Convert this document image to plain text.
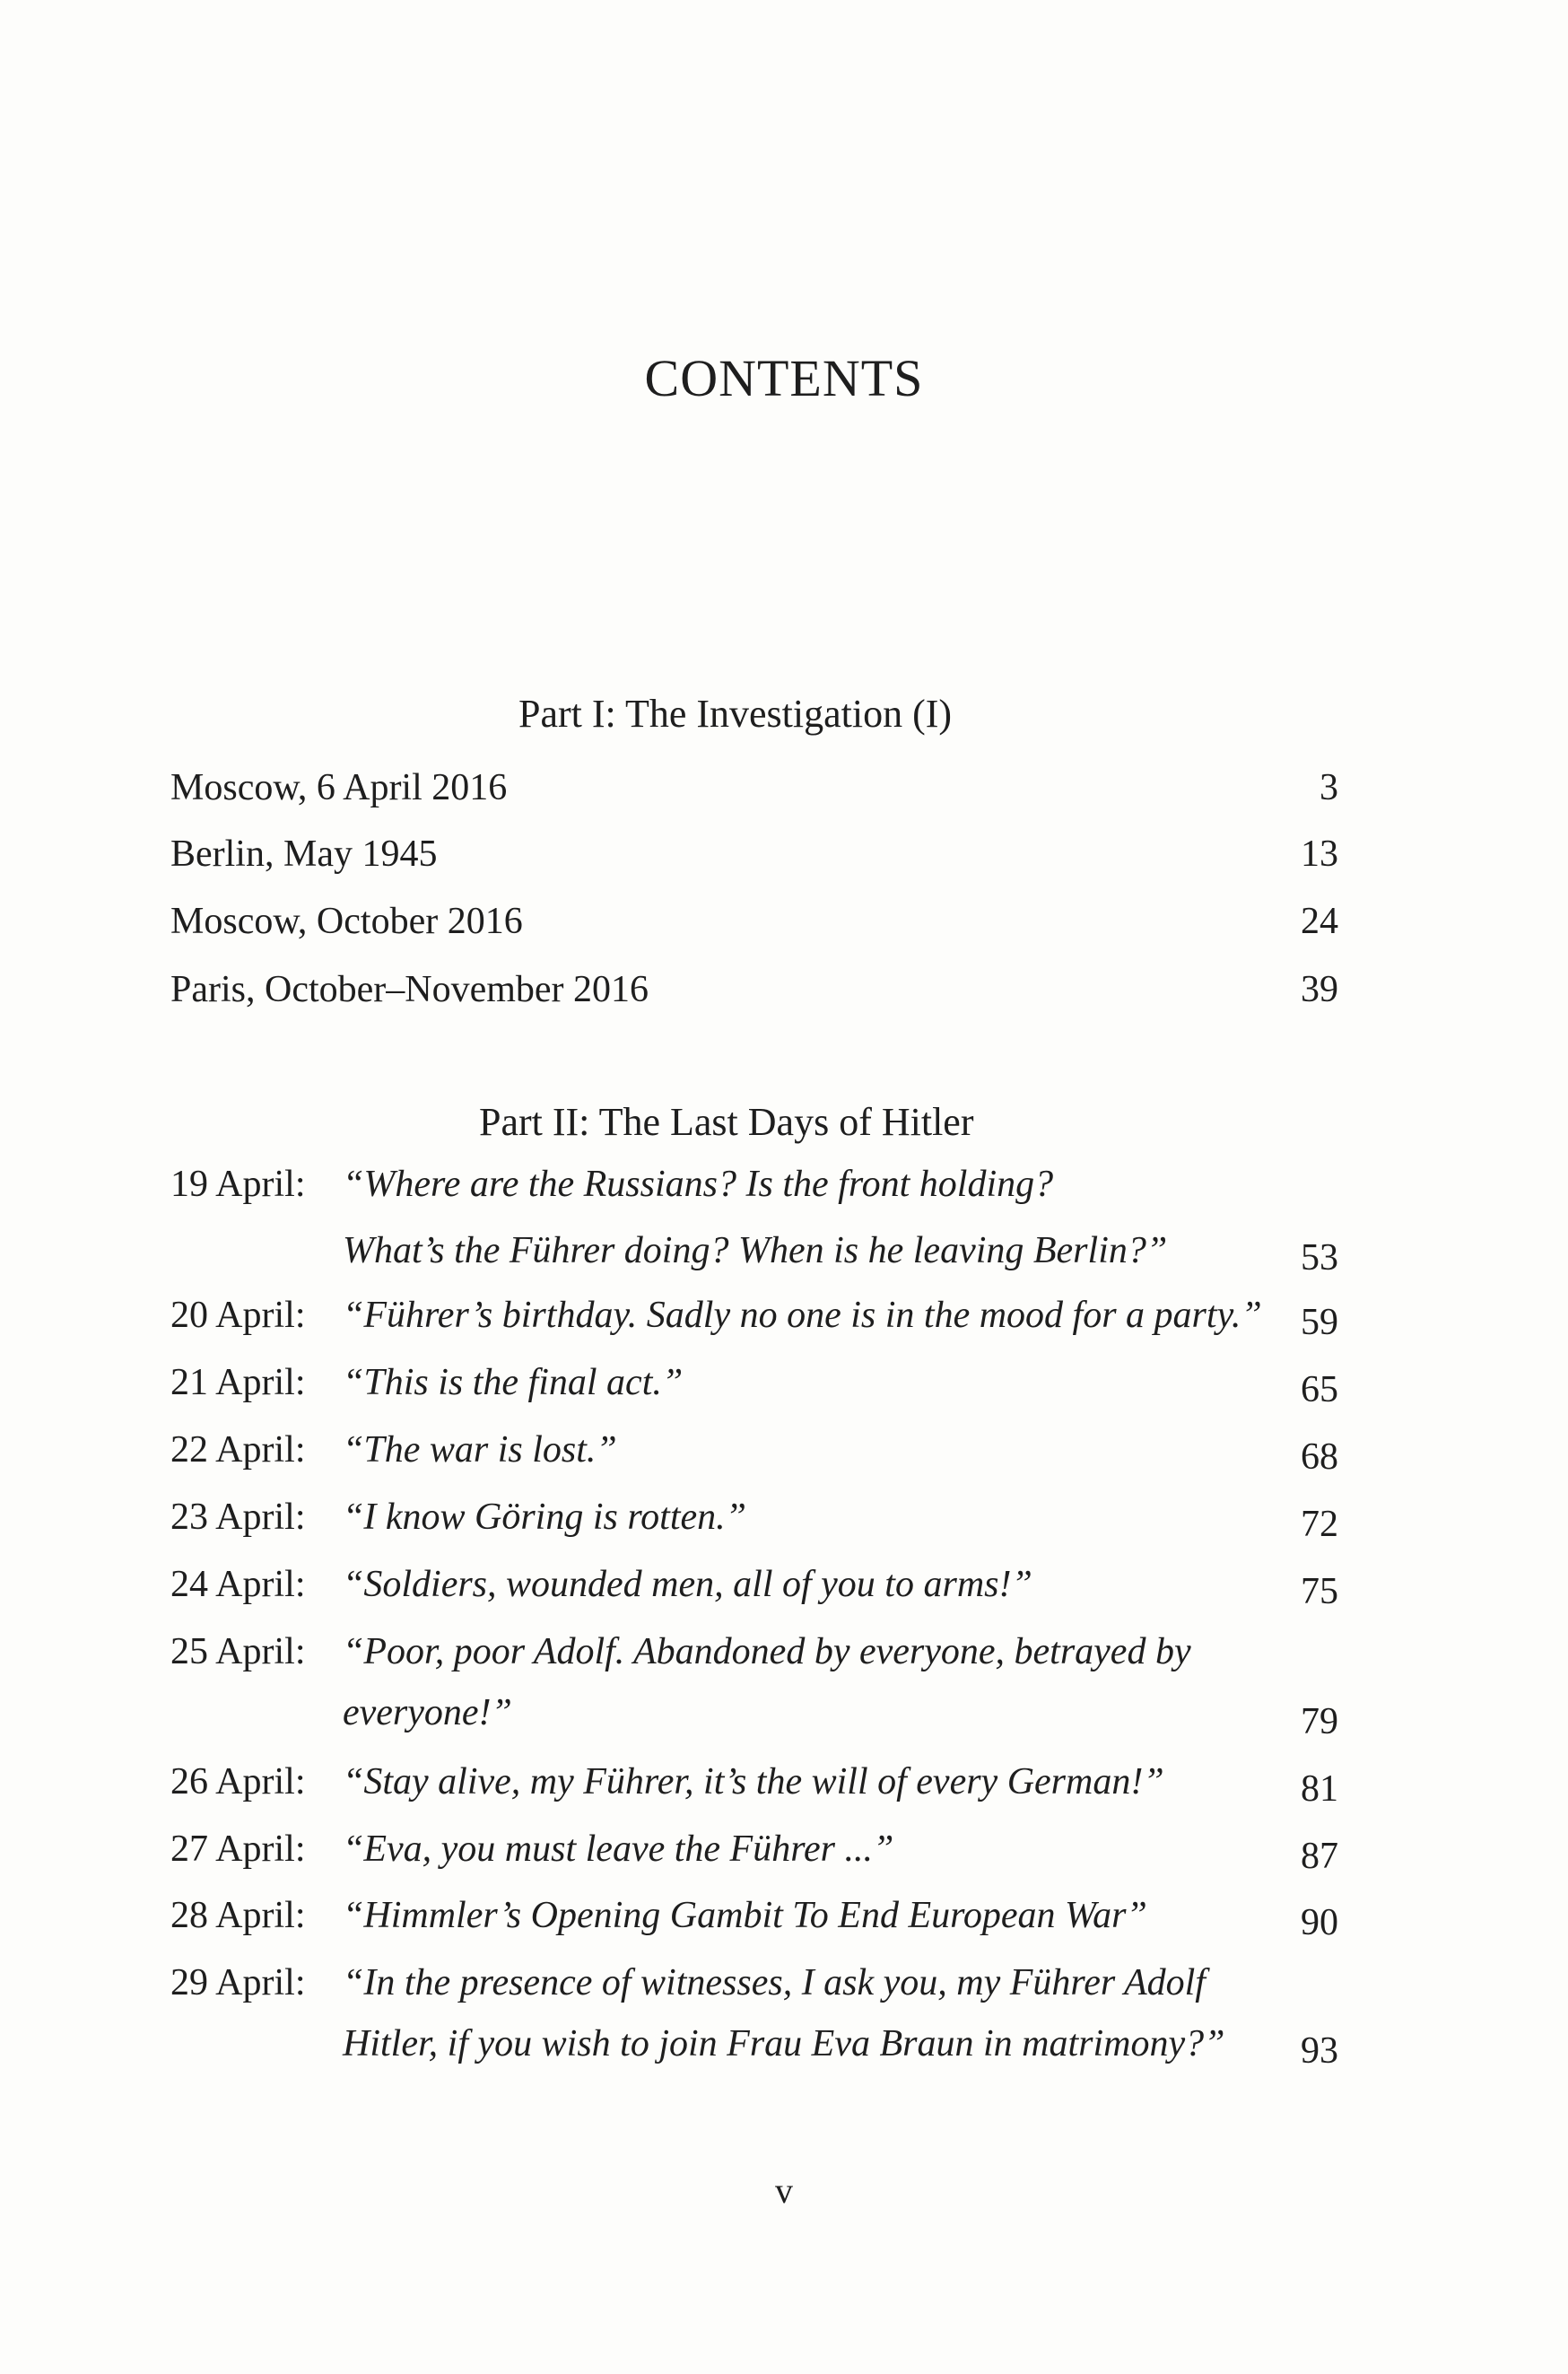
CONTENTS
Part I: The Investigation (I)
Moscow, 6 April 2016	3
Berlin, May 1945	13
Moscow, October 2016	24
Paris, October–November 2016	39
Part II: The Last Days of Hitler
19 April: “Where are the Russians? Is the front holding?
What’s the Führer doing? When is he leaving Berlin?”	53
20 April: “Führer’s birthday. Sadly no one is in the mood for a party.” 59
21 April: “This is the final act.”	65
22 April: “The war is lost.”	68
23 April: “I know Göring is rotten.”	72
24 April: “Soldiers, wounded men, all of you to arms!”	75
25 April: “Poor, poor Adolf. Abandoned by everyone, betrayed by
everyone!”	79
26 April: “Stay alive, my Führer, it’s the will of every German!”	81
27 April: “Eva, you must leave the Führer ...”	87
28 April: “Himmler’s Opening Gambit To End European War”	90
29 April: “In the presence of witnesses, I ask you, my Führer Adolf
Hitler, if you wish to join Frau Eva Braun in matrimony?” 93
v
